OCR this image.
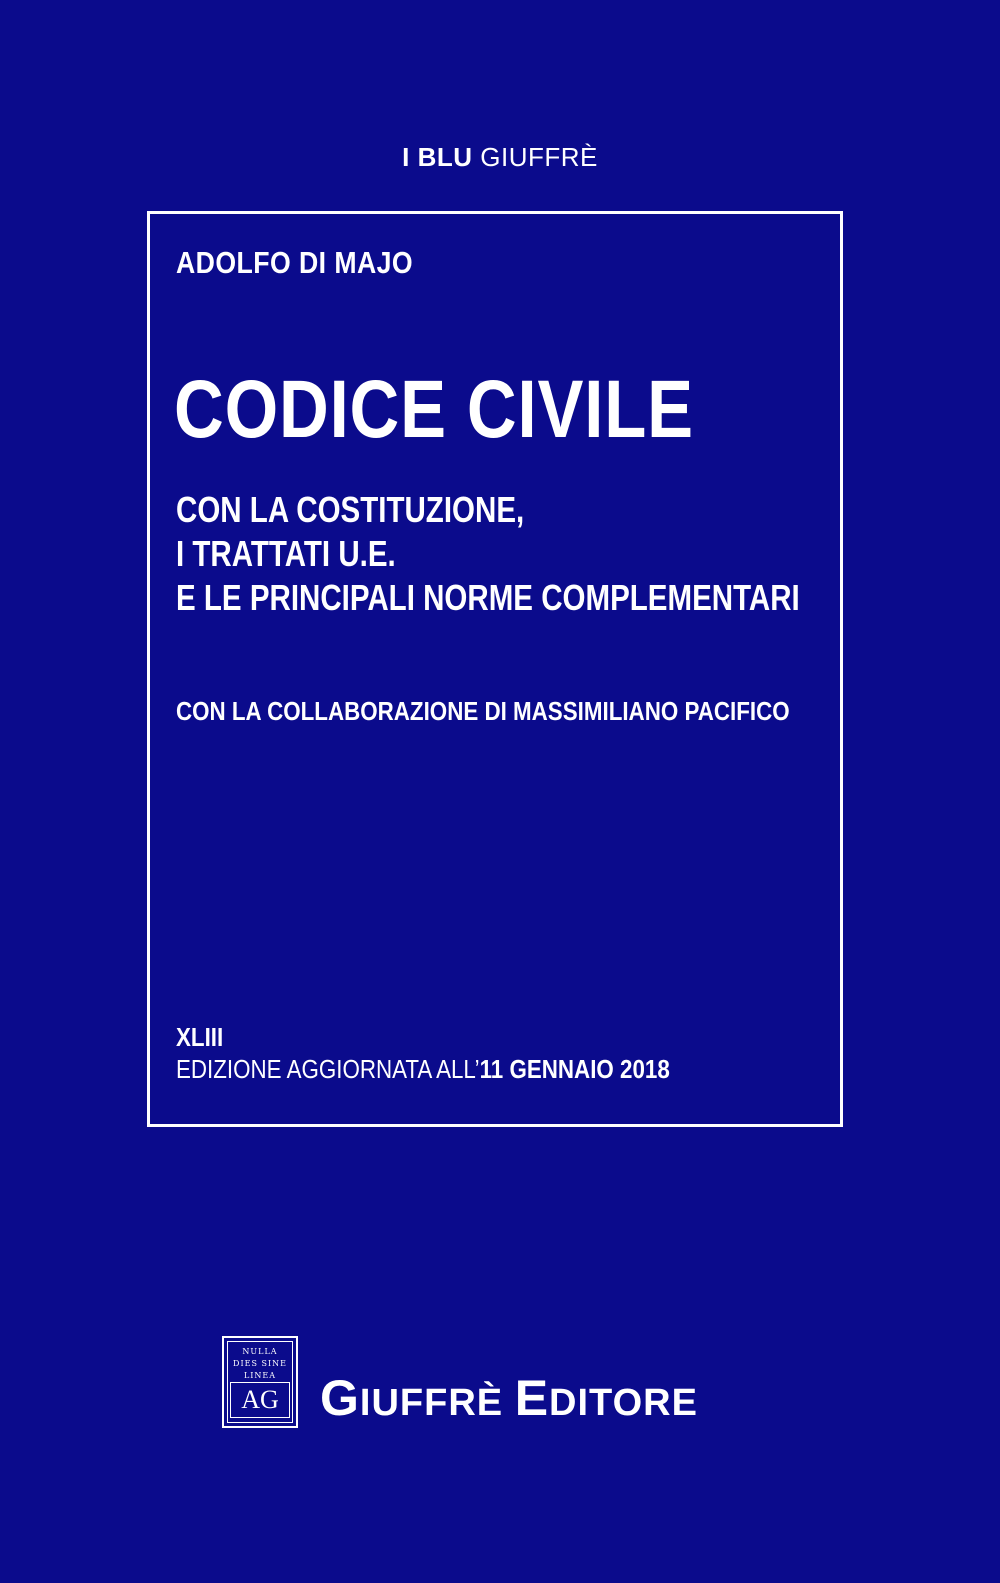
I BLU GIUFFRÈ
ADOLFO DI MAJO
CODICE CIVILE
CON LA COSTITUZIONE,
I TRATTATI U.E.
E LE PRINCIPALI NORME COMPLEMENTARI
CON LA COLLABORAZIONE DI MASSIMILIANO PACIFICO
XLIII
EDIZIONE AGGIORNATA ALL’11 GENNAIO 2018
NULLA DIES SINE LINEA
AG GIUFFRÈ EDITORE
